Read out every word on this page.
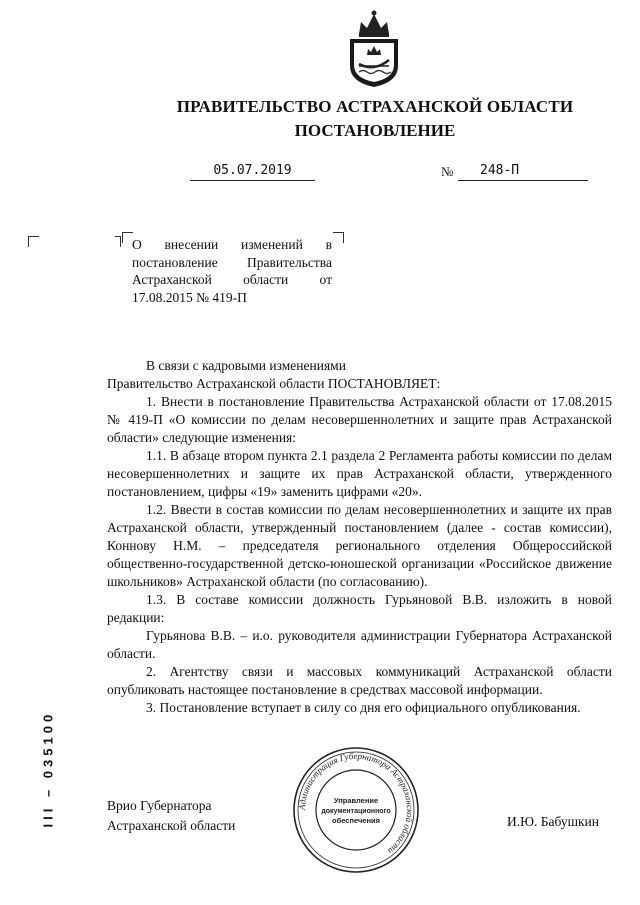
ПРАВИТЕЛЬСТВО АСТРАХАНСКОЙ ОБЛАСТИ
ПОСТАНОВЛЕНИЕ
05.07.2019	№	248-П
О внесении изменений в постановление Правительства Астраханской области от 17.08.2015 № 419-П

В связи с кадровыми изменениями

Правительство Астраханской области ПОСТАНОВЛЯЕТ:

1. Внести в постановление Правительства Астраханской области от 17.08.2015 № 419-П «О комиссии по делам несовершеннолетних и защите прав Астраханской области» следующие изменения:

1.1. В абзаце втором пункта 2.1 раздела 2 Регламента работы комиссии по делам несовершеннолетних и защите их прав Астраханской области, утвержденного постановлением, цифры «19» заменить цифрами «20».

1.2. Ввести в состав комиссии по делам несовершеннолетних и защите их прав Астраханской области, утвержденный постановлением (далее - состав комиссии), Коннову Н.М. – председателя регионального отделения Общероссийской общественно-государственной детско-юношеской организации «Российское движение школьников» Астраханской области (по согласованию).

1.3. В составе комиссии должность Гурьяновой В.В. изложить в новой редакции:

Гурьянова В.В. – и.о. руководителя администрации Губернатора Астраханской области.

2. Агентству связи и массовых коммуникаций Астраханской области опубликовать настоящее постановление в средствах массовой информации.

3. Постановление вступает в силу со дня его официального опубликования.

III – 035100	Врио Губернатора
Астраханской области	И.Ю. Бабушкин
Администрация Губернатора Астраханской области
Управление
документационного
обеспечения
